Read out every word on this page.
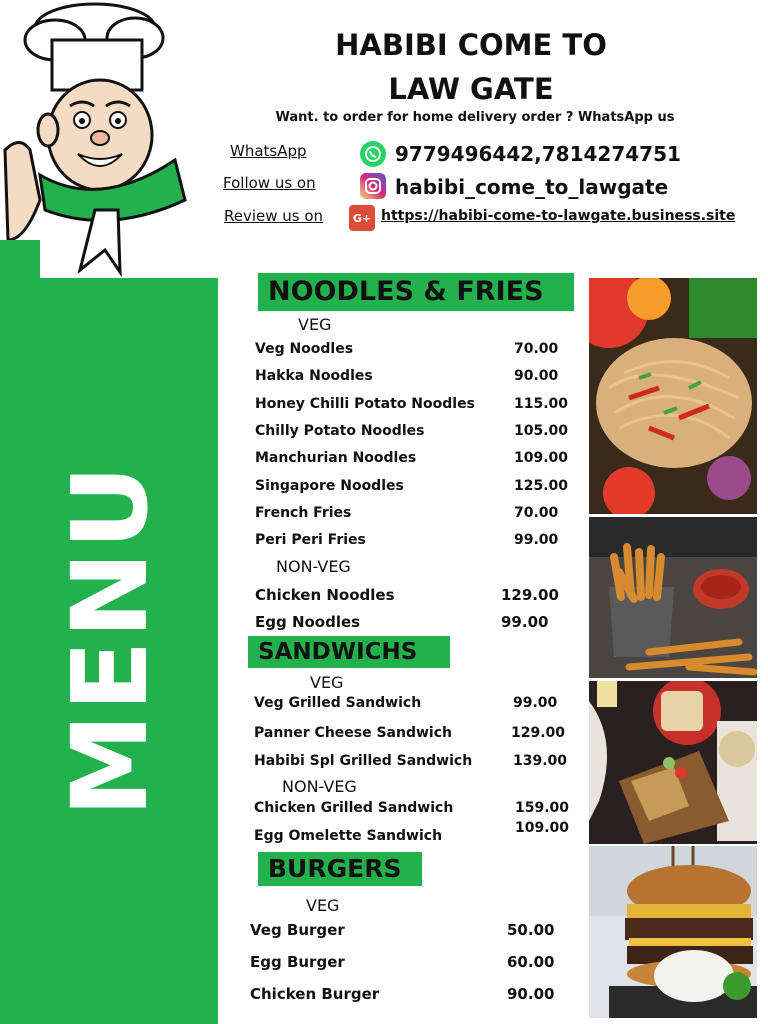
MENU
HABIBI COME TO
LAW GATE
Want. to order for home delivery order ? WhatsApp us
WhatsApp	9779496442,7814274751
Follow us on	habibi_come_to_lawgate
Review us on	G+ https://habibi-come-to-lawgate.business.site
NOODLES & FRIES
VEG
Veg Noodles	70.00
Hakka Noodles	90.00
Honey Chilli Potato Noodles	115.00
Chilly Potato Noodles	105.00
Manchurian Noodles	109.00
Singapore Noodles	125.00
French Fries	70.00
Peri Peri Fries	99.00
NON-VEG
Chicken Noodles	129.00
Egg Noodles	99.00
SANDWICHS
VEG
Veg Grilled Sandwich	99.00
Panner Cheese Sandwich	129.00
Habibi Spl Grilled Sandwich	139.00
NON-VEG
Chicken Grilled Sandwich	159.00
Egg Omelette Sandwich	109.00
BURGERS
VEG
Veg Burger	50.00
Egg Burger	60.00
Chicken Burger	90.00
